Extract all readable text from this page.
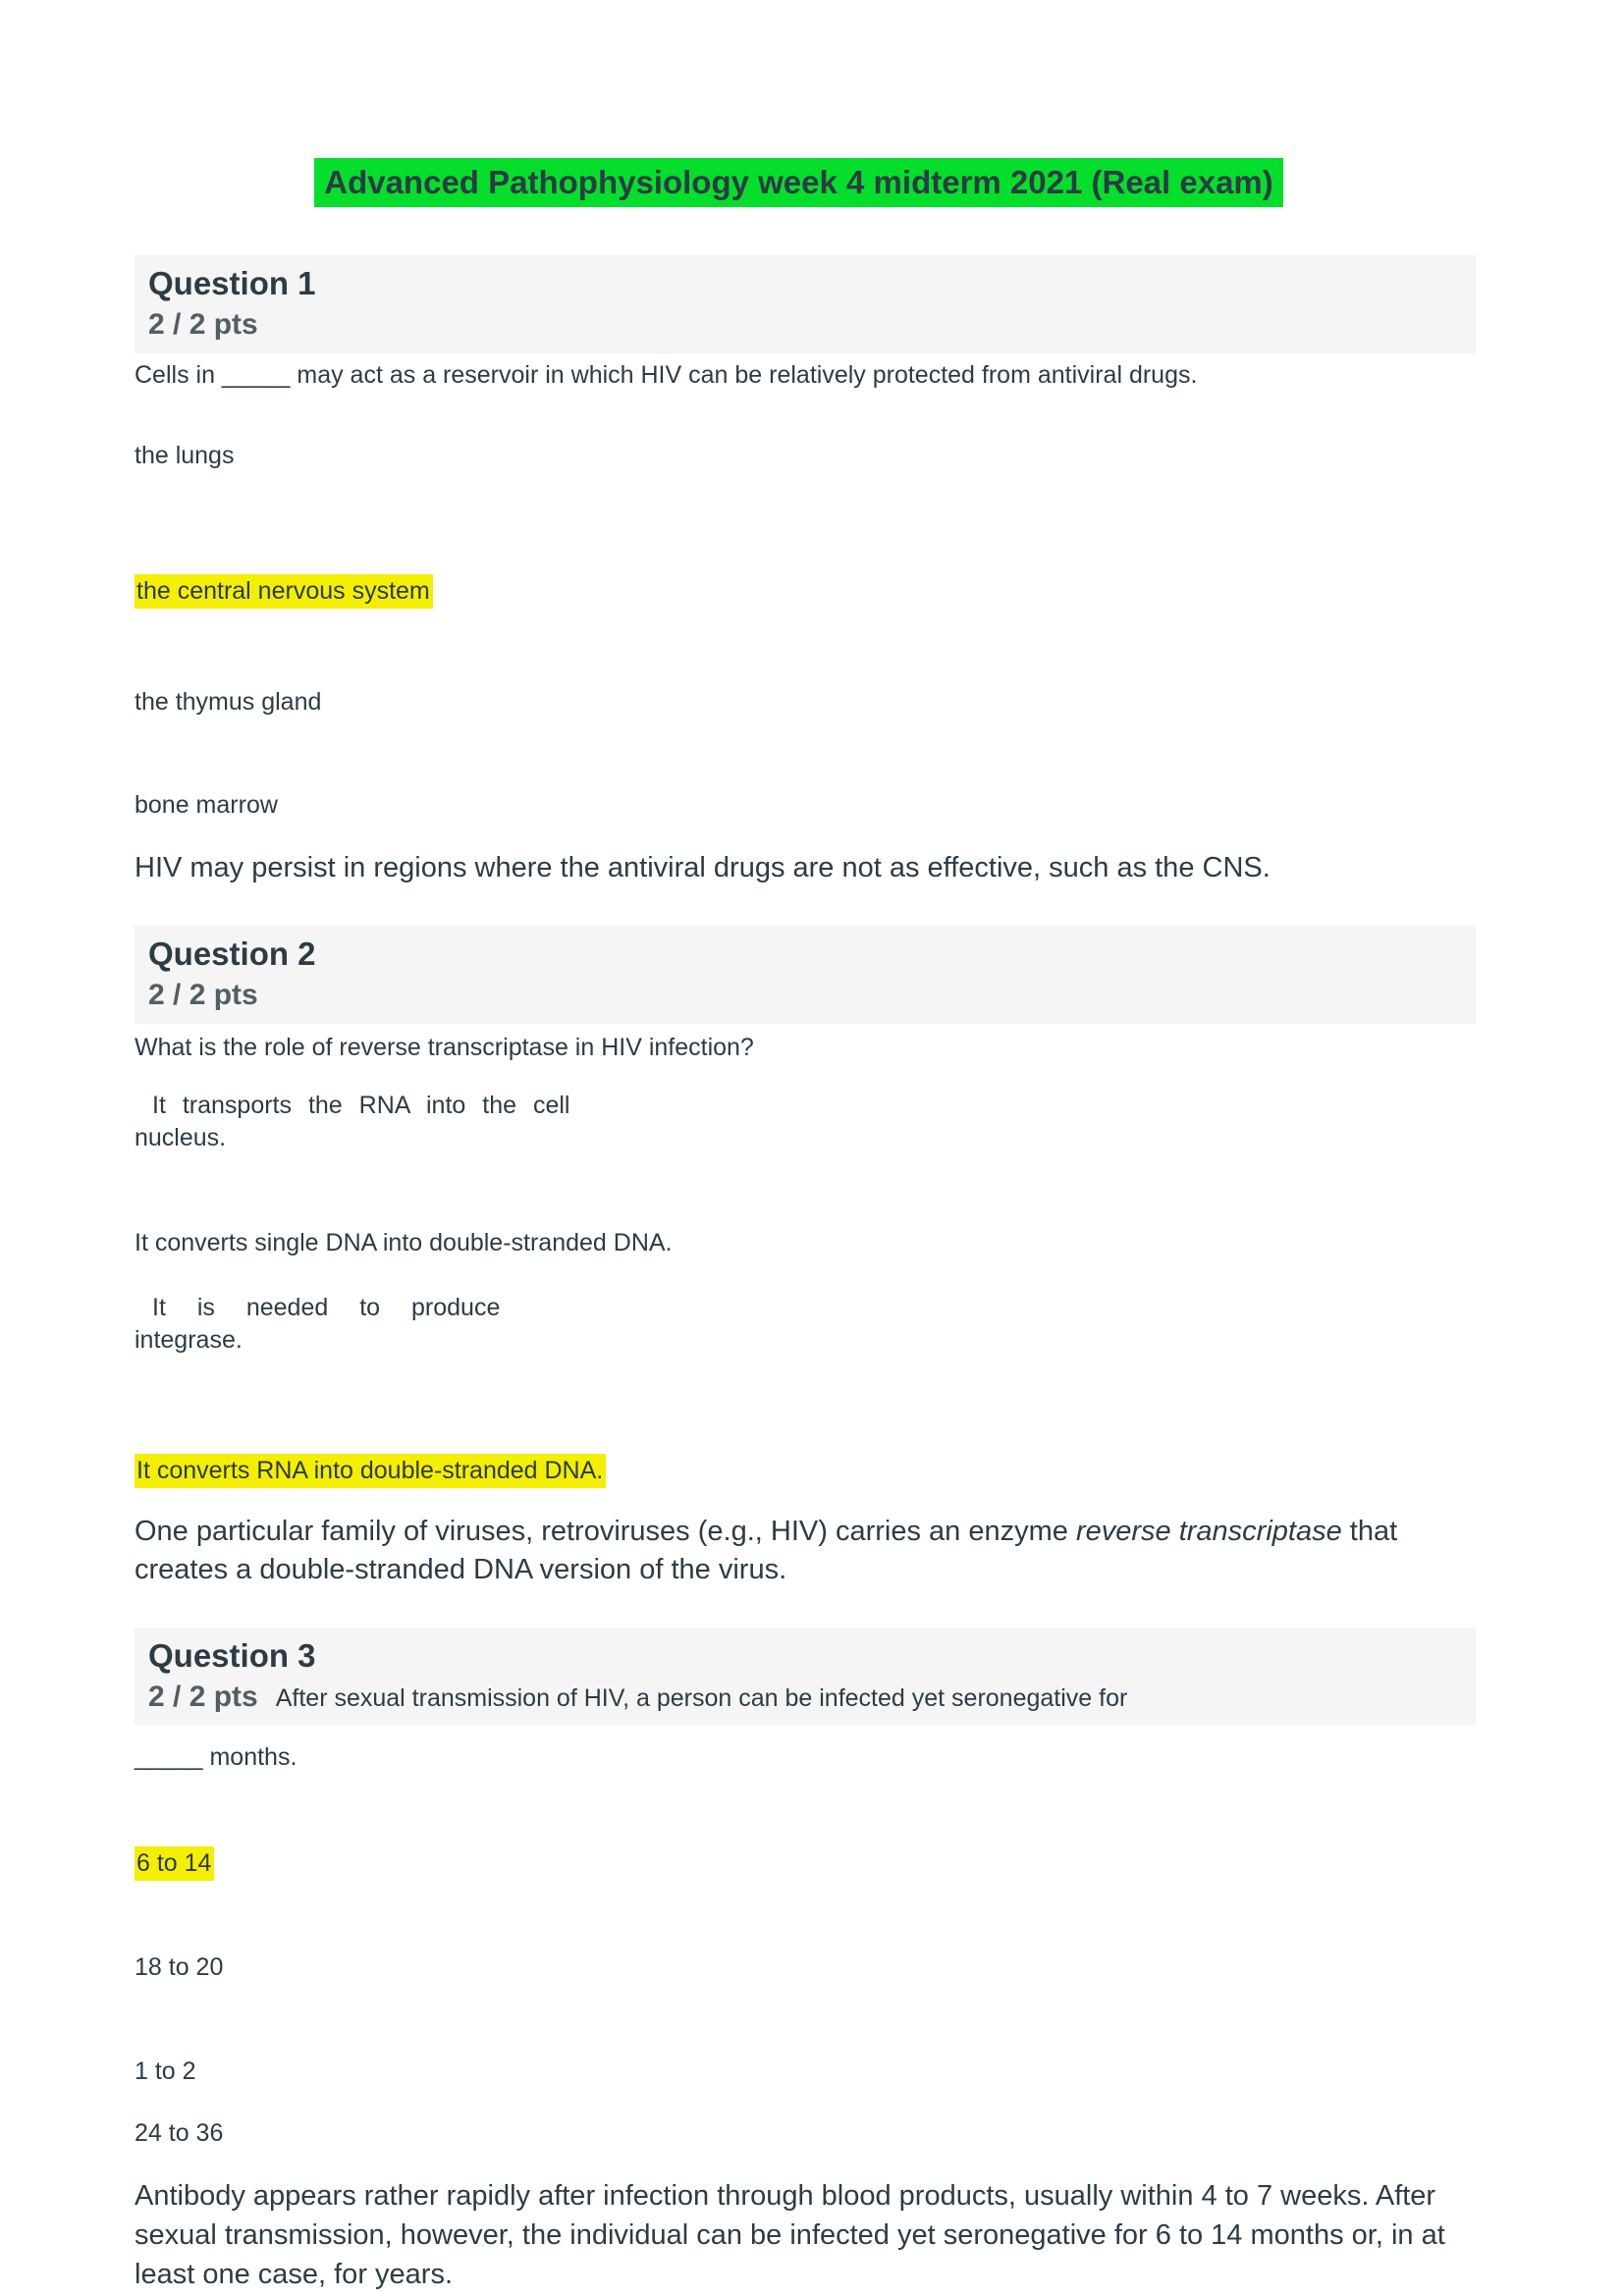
Advanced Pathophysiology week 4 midterm 2021 (Real exam)
Question 1
2 / 2 pts

Cells in _____ may act as a reservoir in which HIV can be relatively protected from antiviral drugs.

the lungs
the central nervous system
the thymus gland
bone marrow

HIV may persist in regions where the antiviral drugs are not as effective, such as the CNS.

Question 2
2 / 2 pts

What is the role of reverse transcriptase in HIV infection?

It transports the RNA into the cell
nucleus.
It converts single DNA into double-stranded DNA.
It is needed to produce
integrase.
It converts RNA into double-stranded DNA.

One particular family of viruses, retroviruses (e.g., HIV) carries an enzyme reverse transcriptase that creates a double-stranded DNA version of the virus.

Question 3
2 / 2 pts After sexual transmission of HIV, a person can be infected yet seronegative for

_____ months.

6 to 14
18 to 20
1 to 2
24 to 36

Antibody appears rather rapidly after infection through blood products, usually within 4 to 7 weeks. After sexual transmission, however, the individual can be infected yet seronegative for 6 to 14 months or, in at least one case, for years.
